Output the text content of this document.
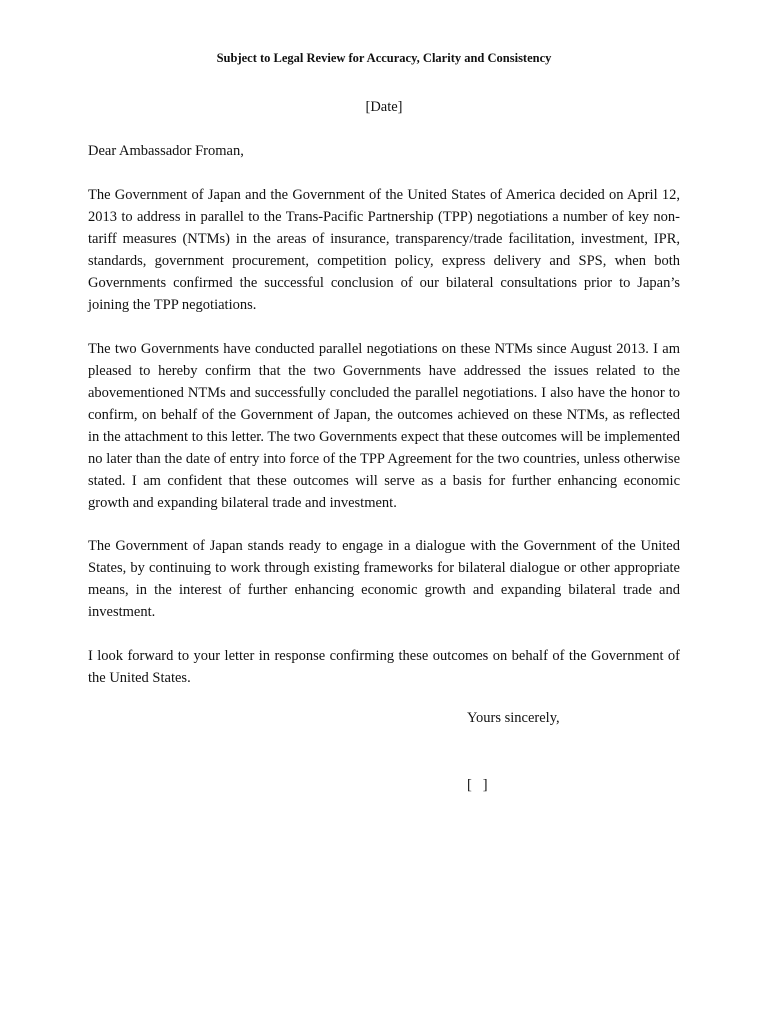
Subject to Legal Review for Accuracy, Clarity and Consistency
[Date]
Dear Ambassador Froman,

The Government of Japan and the Government of the United States of America decided on April 12, 2013 to address in parallel to the Trans-Pacific Partnership (TPP) negotiations a number of key non-tariff measures (NTMs) in the areas of insurance, transparency/trade facilitation, investment, IPR, standards, government procurement, competition policy, express delivery and SPS, when both Governments confirmed the successful conclusion of our bilateral consultations prior to Japan’s joining the TPP negotiations.

The two Governments have conducted parallel negotiations on these NTMs since August 2013. I am pleased to hereby confirm that the two Governments have addressed the issues related to the abovementioned NTMs and successfully concluded the parallel negotiations. I also have the honor to confirm, on behalf of the Government of Japan, the outcomes achieved on these NTMs, as reflected in the attachment to this letter. The two Governments expect that these outcomes will be implemented no later than the date of entry into force of the TPP Agreement for the two countries, unless otherwise stated. I am confident that these outcomes will serve as a basis for further enhancing economic growth and expanding bilateral trade and investment.

The Government of Japan stands ready to engage in a dialogue with the Government of the United States, by continuing to work through existing frameworks for bilateral dialogue or other appropriate means, in the interest of further enhancing economic growth and expanding bilateral trade and investment.

I look forward to your letter in response confirming these outcomes on behalf of the Government of the United States.

Yours sincerely,
[   ]
